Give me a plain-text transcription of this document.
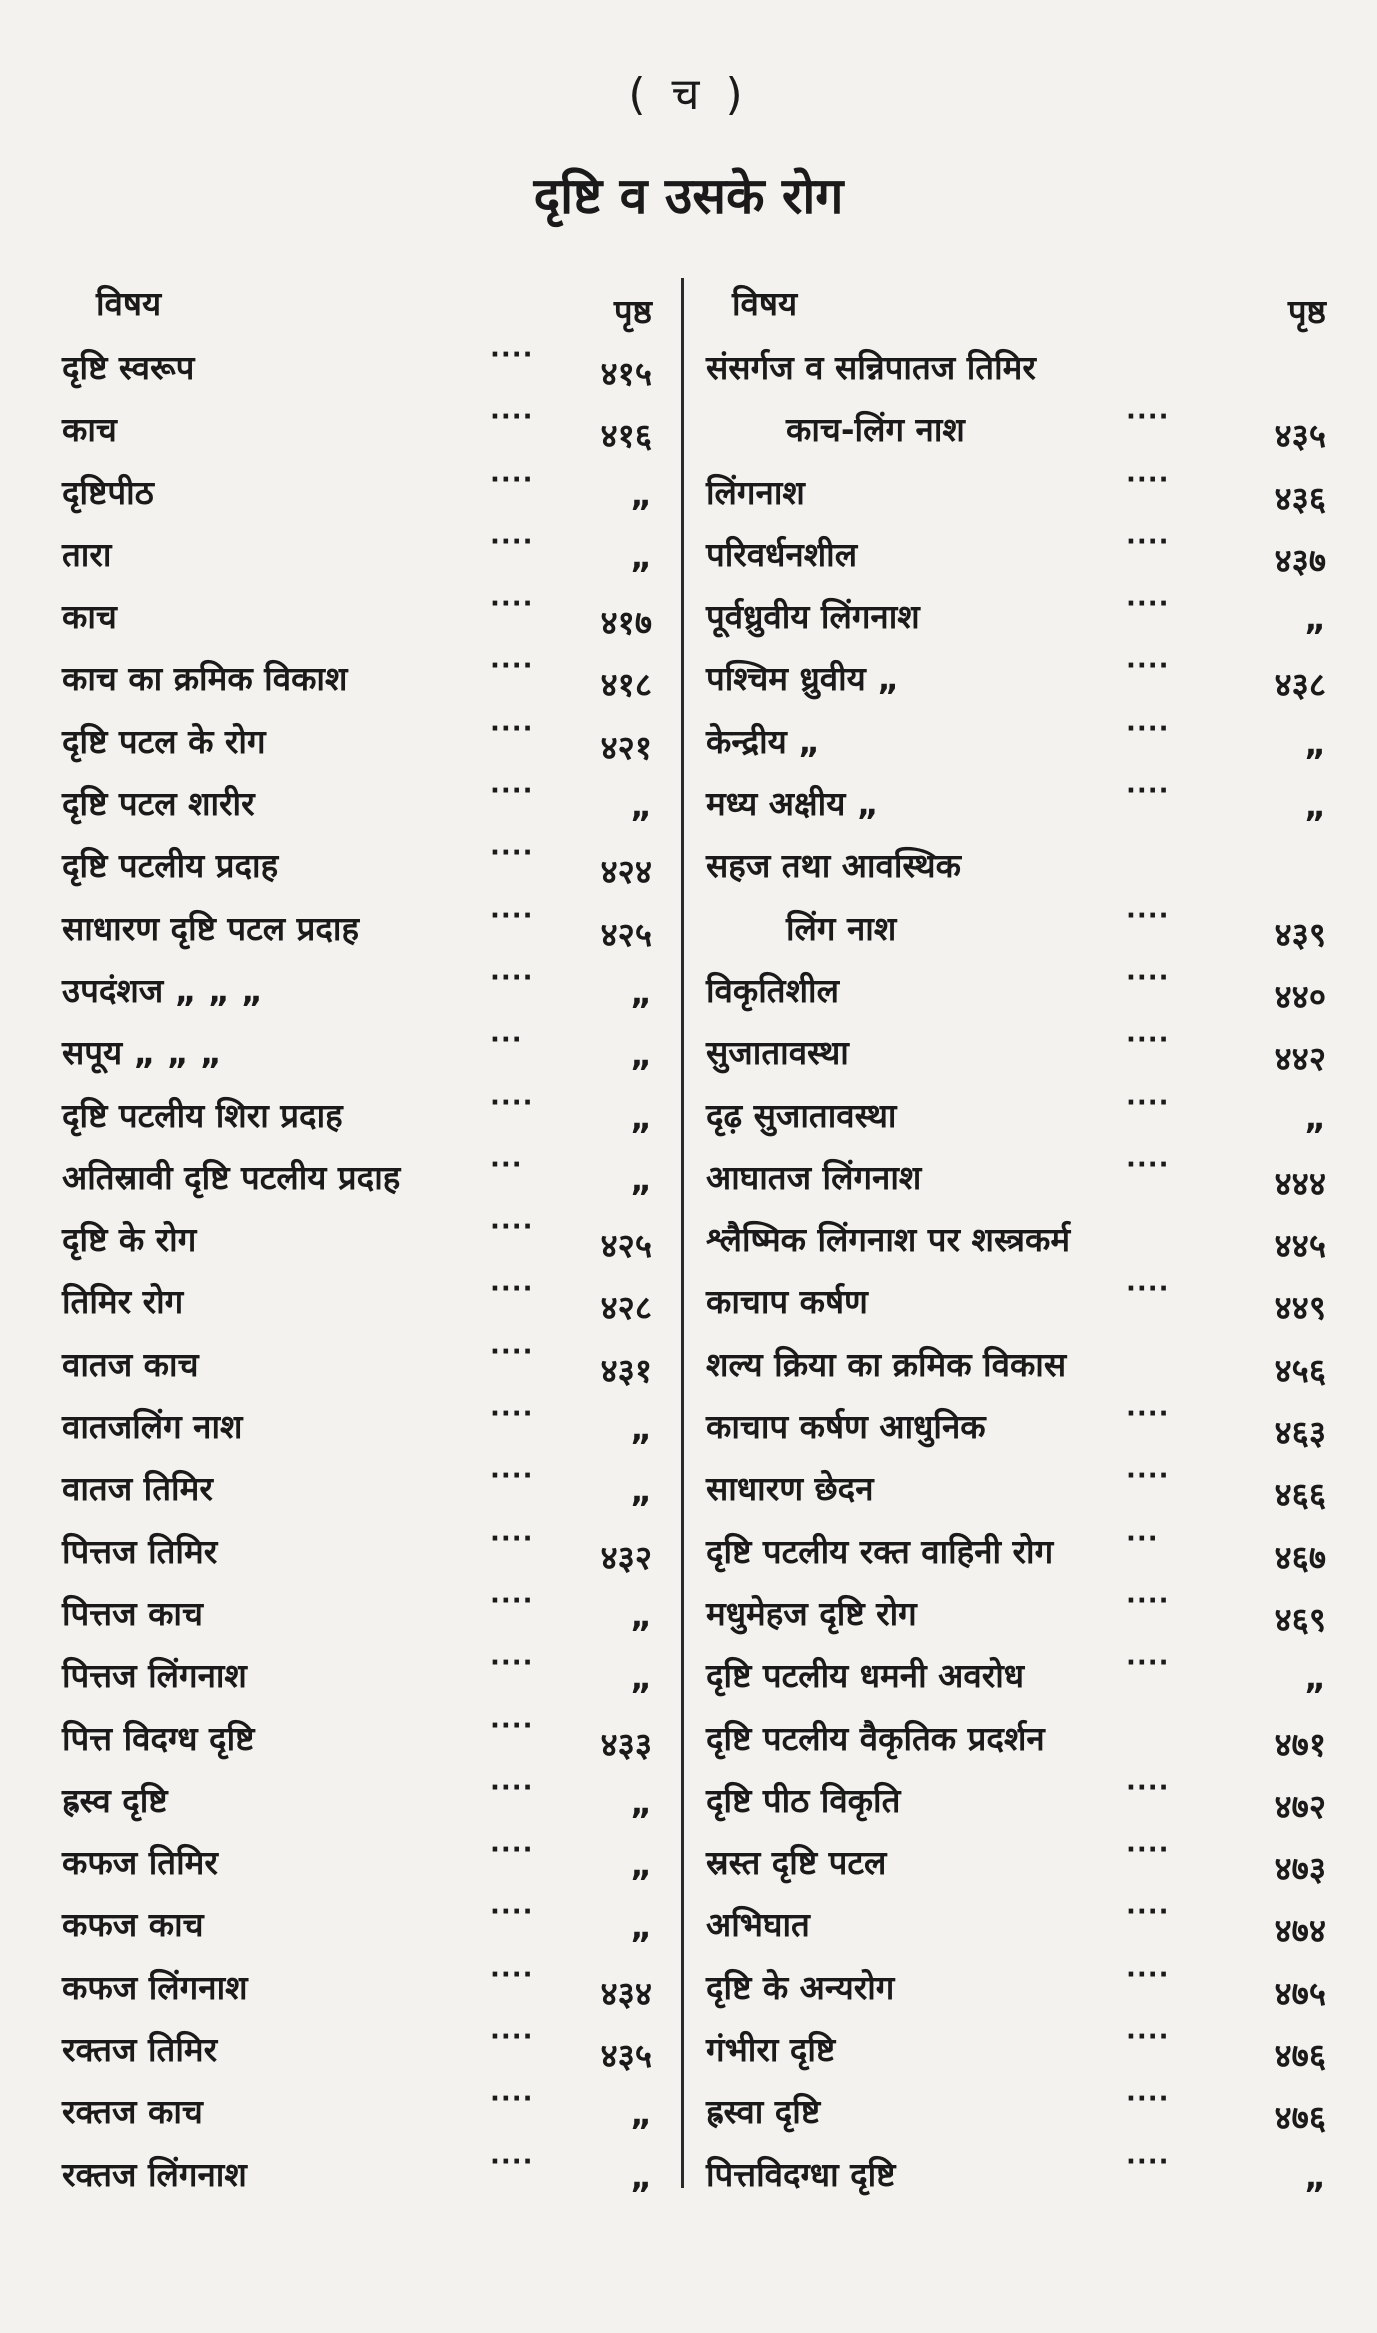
( च )
दृष्टि व उसके रोग
विषय	पृष्ठ
दृष्टि स्वरूप	···· ४१५
काच	···· ४१६
दृष्टिपीठ	····	„
तारा	····	„
काच	···· ४१७
काच का क्रमिक विकाश	···· ४१८
दृष्टि पटल के रोग	···· ४२१
दृष्टि पटल शारीर	····	„
दृष्टि पटलीय प्रदाह	···· ४२४
साधारण दृष्टि पटल प्रदाह	···· ४२५
उपदंशज „ „ „	····	„
सपूय „ „ „	···	„
दृष्टि पटलीय शिरा प्रदाह	····	„
अतिस्रावी दृष्टि पटलीय प्रदाह	···	„
दृष्टि के रोग	···· ४२५
तिमिर रोग	···· ४२८
वातज काच	···· ४३१
वातजलिंग नाश	····	„
वातज तिमिर	····	„
पित्तज तिमिर	···· ४३२
पित्तज काच	····	„
पित्तज लिंगनाश	····	„
पित्त विदग्ध दृष्टि	···· ४३३
ह्रस्व दृष्टि	····	„
कफज तिमिर	····	„
कफज काच	····	„
कफज लिंगनाश	···· ४३४
रक्तज तिमिर	···· ४३५
रक्तज काच	····	„
रक्तज लिंगनाश	····	„
विषय	पृष्ठ
संसर्गज व सन्निपातज तिमिर
काच-लिंग नाश	····	४३५
लिंगनाश	····	४३६
परिवर्धनशील	····	४३७
पूर्वध्रुवीय लिंगनाश	····	„
पश्चिम ध्रुवीय „	····	४३८
केन्द्रीय „	····	„
मध्य अक्षीय „	····	„
सहज तथा आवस्थिक
लिंग नाश	····	४३९
विकृतिशील	····	४४०
सुजातावस्था	····	४४२
दृढ़ सुजातावस्था	····	„
आघातज लिंगनाश	····	४४४
श्लैष्मिक लिंगनाश पर शस्त्रकर्म	४४५
काचाप कर्षण	····	४४९
शल्य क्रिया का क्रमिक विकास	४५६
काचाप कर्षण आधुनिक	····	४६३
साधारण छेदन	····	४६६
दृष्टि पटलीय रक्त वाहिनी रोग	···	४६७
मधुमेहज दृष्टि रोग	····	४६९
दृष्टि पटलीय धमनी अवरोध	····	„
दृष्टि पटलीय वैकृतिक प्रदर्शन	४७१
दृष्टि पीठ विकृति	····	४७२
स्रस्त दृष्टि पटल	····	४७३
अभिघात	····	४७४
दृष्टि के अन्यरोग	····	४७५
गंभीरा दृष्टि	····	४७६
ह्रस्वा दृष्टि	····	४७६
पित्तविदग्धा दृष्टि	····	„
